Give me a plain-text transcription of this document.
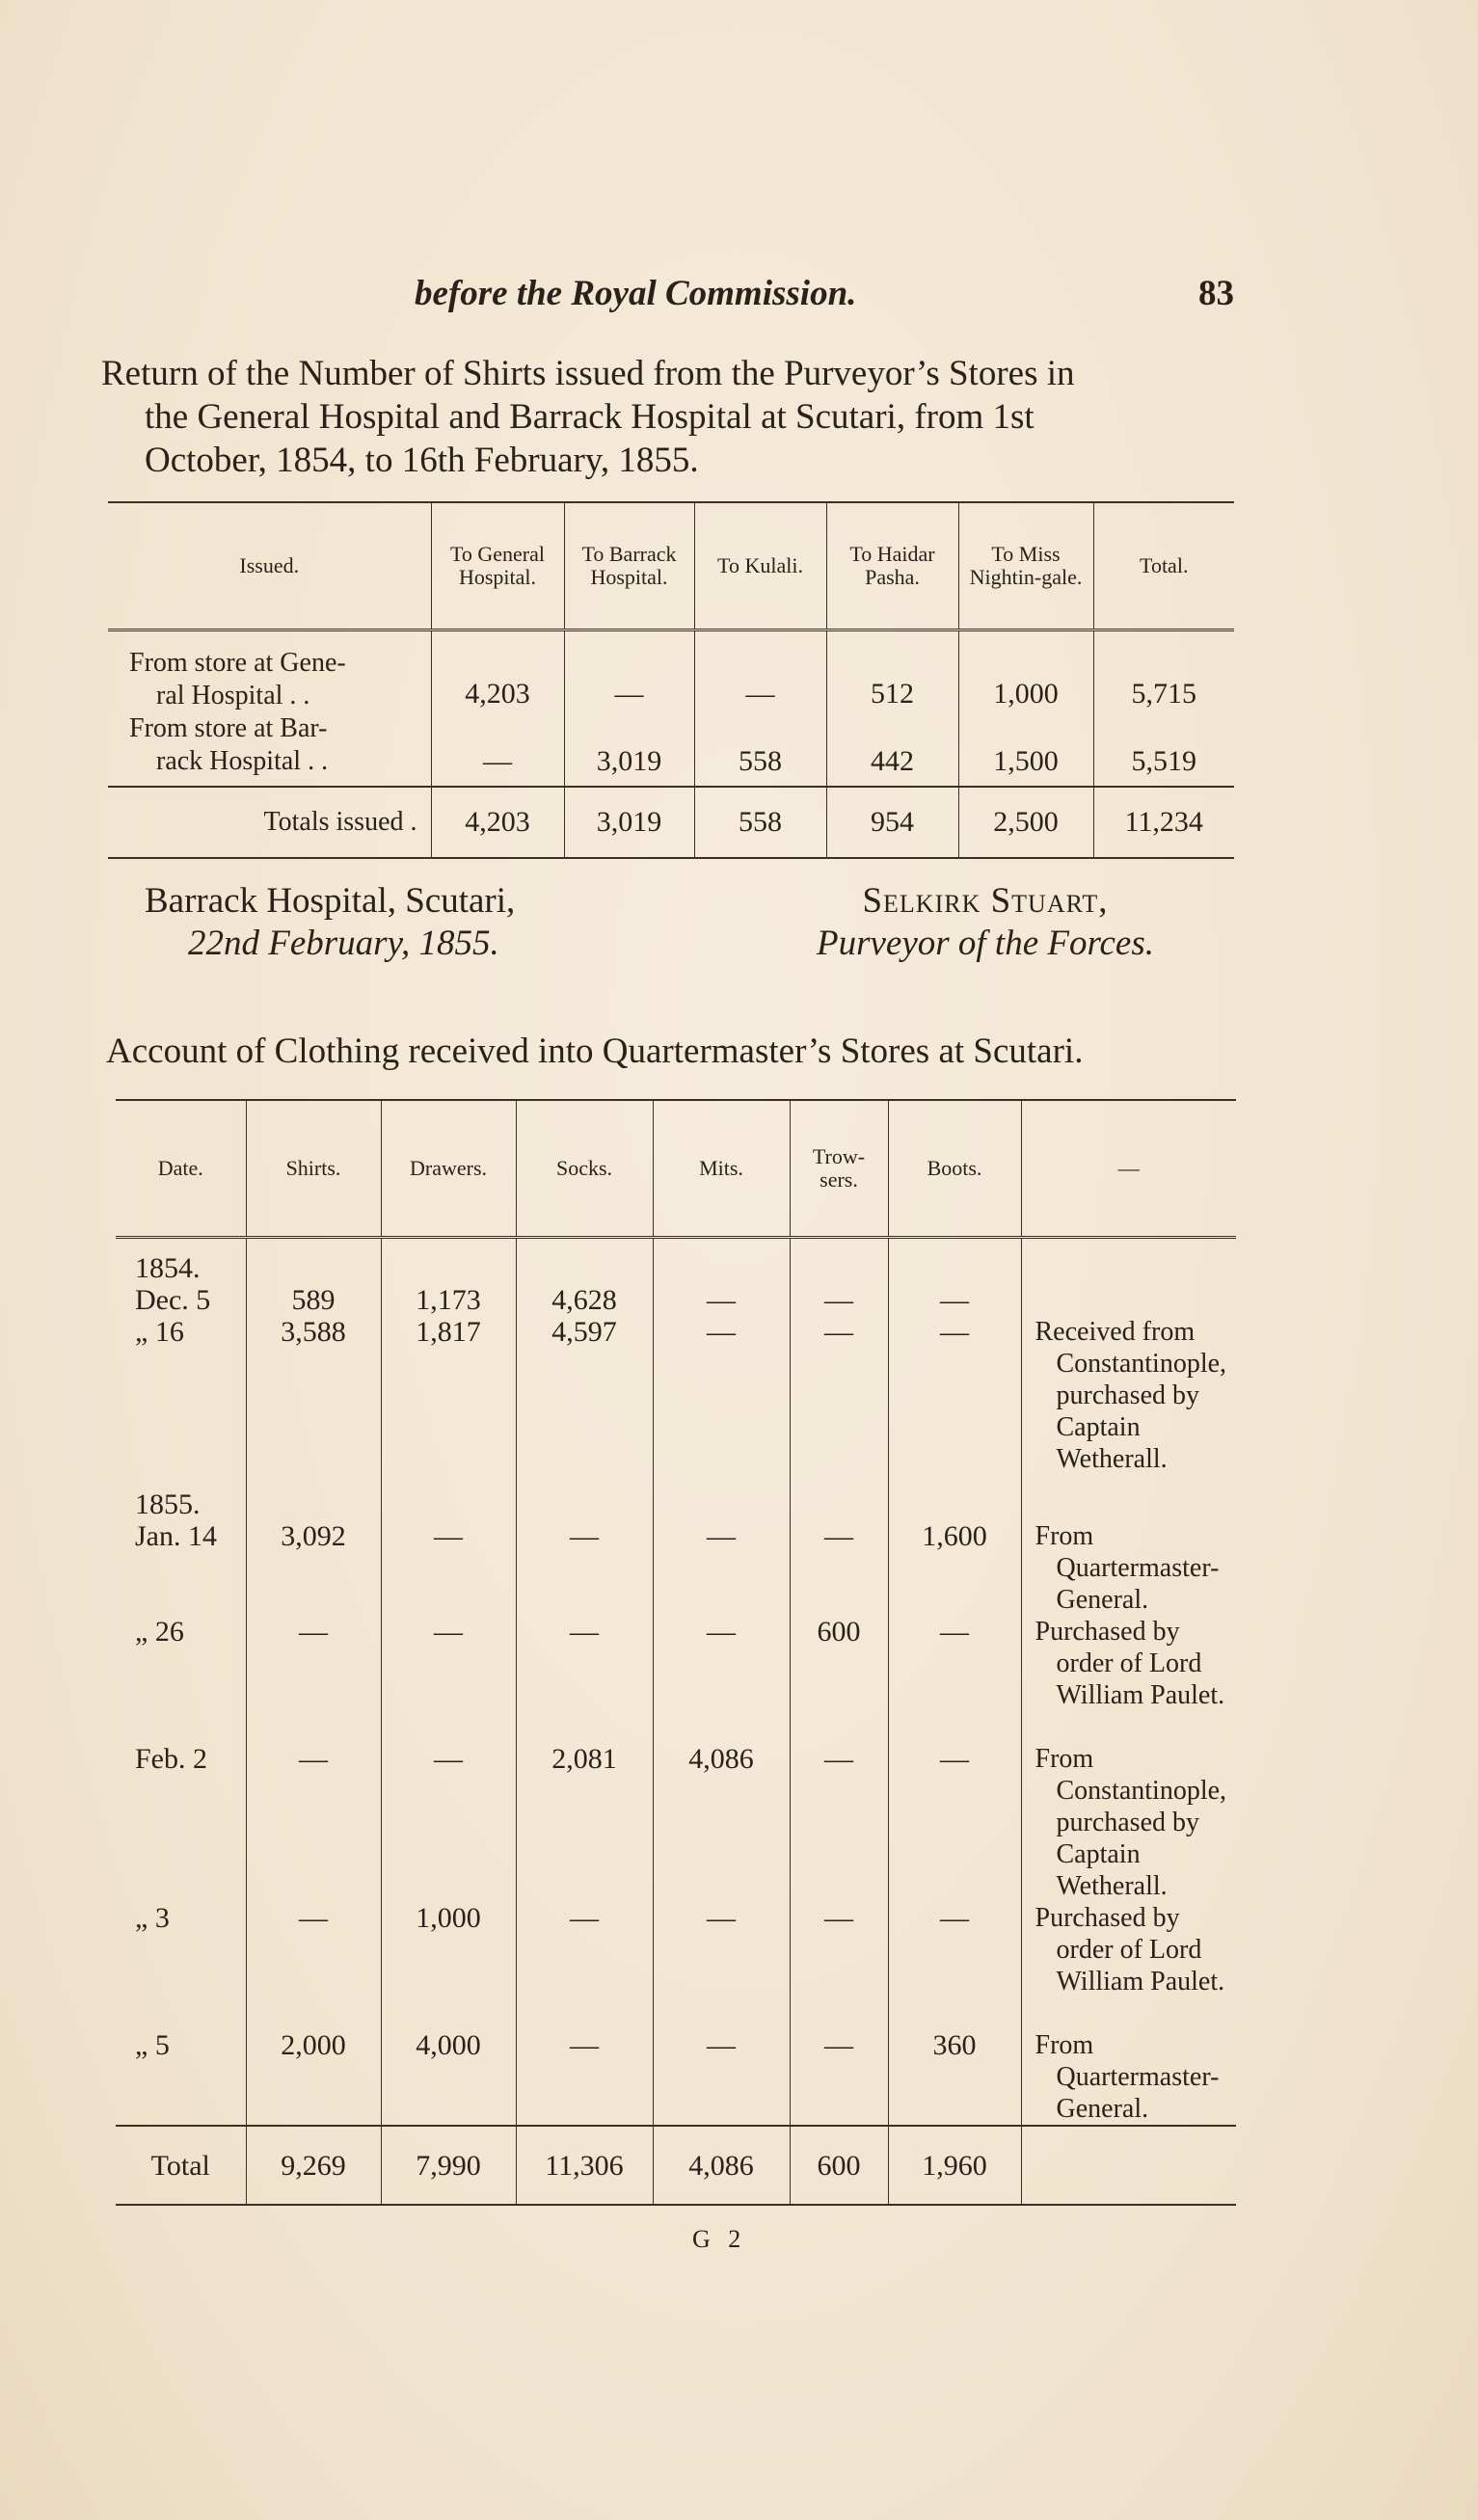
before the Royal Commission.	83
Return of the Number of Shirts issued from the Purveyor’s Stores in
the General Hospital and Barrack Hospital at Scutari, from 1st
October, 1854, to 16th February, 1855.
Issued.	To General Hospital.	To Barrack Hospital.	To Kulali.	To Haidar Pasha.	To Miss Nightin-gale.	Total.

From store at Gene-
ral Hospital . .	4,203	—	—	512	1,000	5,715

From store at Bar-
rack Hospital . .	—	3,019	558	442	1,500	5,519
Totals issued .	4,203	3,019	558	954	2,500	11,234
Barrack Hospital, Scutari,
22nd February, 1855.
Selkirk Stuart,
Purveyor of the Forces.
Account of Clothing received into Quartermaster’s Stores at Scutari.
Date.	Shirts.	Drawers.	Socks.	Mits.	Trow-sers.	Boots.	—

1854.
Dec. 5	589	1,173	4,628	—	—	—	

„ 16	3,588	1,817	4,597	—	—	—	Received from Constantinople, purchased by Captain Wetherall.

1855.
Jan. 14	3,092	—	—	—	—	1,600	From Quartermaster-General.

„ 26	—	—	—	—	600	—	Purchased by order of Lord William Paulet.

Feb. 2	—	—	2,081	4,086	—	—	From Constantinople, purchased by Captain Wetherall.

„ 3	—	1,000	—	—	—	—	Purchased by order of Lord William Paulet.

„ 5	2,000	4,000	—	—	—	360	From Quartermaster-General.

Total	9,269	7,990	11,306	4,086	600	1,960	
G 2
